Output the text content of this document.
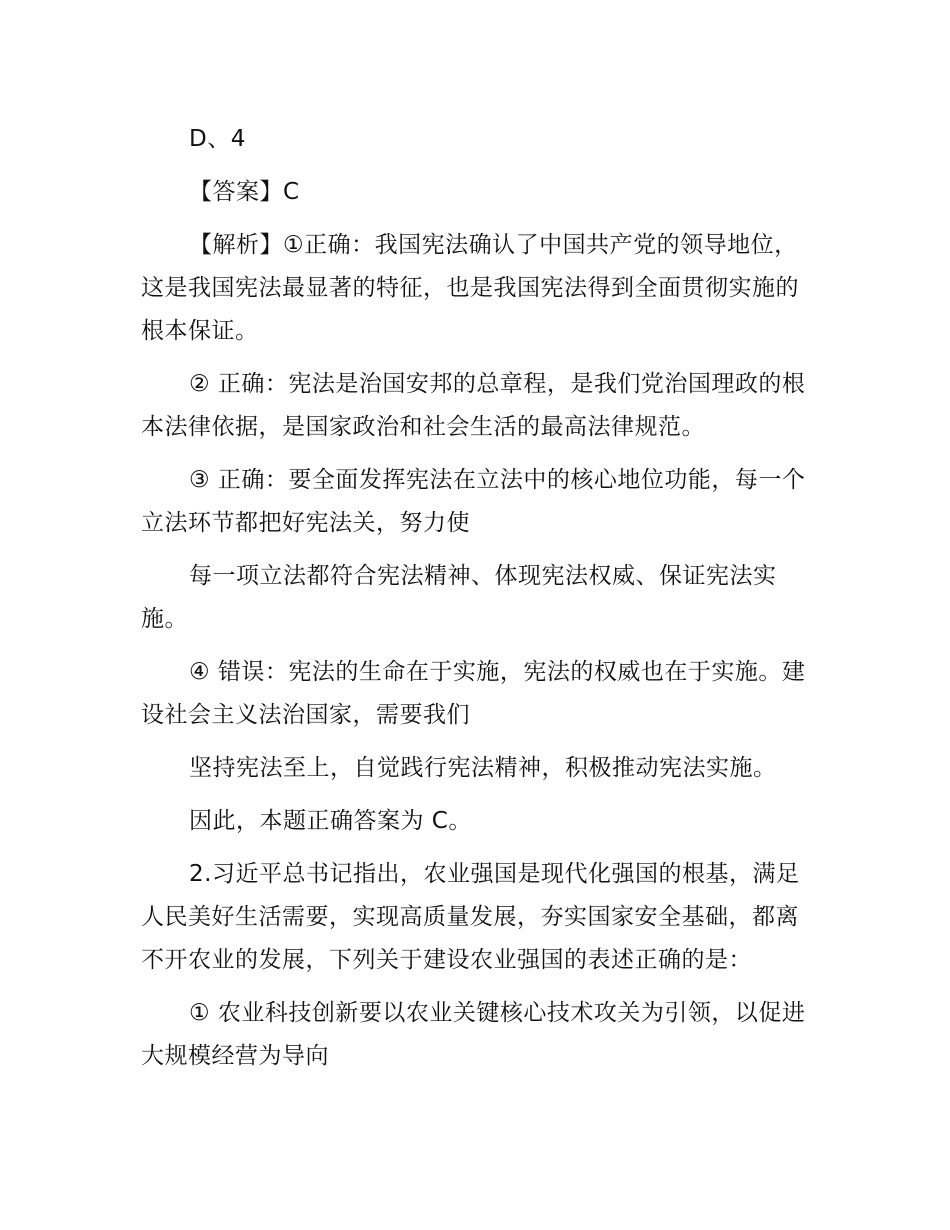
D、4

【答案】C

【解析】①正确：我国宪法确认了中国共产党的领导地位，这是我国宪法最显著的特征，也是我国宪法得到全面贯彻实施的根本保证。

② 正确：宪法是治国安邦的总章程，是我们党治国理政的根本法律依据，是国家政治和社会生活的最高法律规范。

③ 正确：要全面发挥宪法在立法中的核心地位功能，每一个立法环节都把好宪法关，努力使

每一项立法都符合宪法精神、体现宪法权威、保证宪法实施。

④ 错误：宪法的生命在于实施，宪法的权威也在于实施。建设社会主义法治国家，需要我们

坚持宪法至上，自觉践行宪法精神，积极推动宪法实施。

因此，本题正确答案为 C。

2.习近平总书记指出，农业强国是现代化强国的根基，满足人民美好生活需要，实现高质量发展，夯实国家安全基础，都离不开农业的发展，下列关于建设农业强国的表述正确的是：

① 农业科技创新要以农业关键核心技术攻关为引领，以促进大规模经营为导向
